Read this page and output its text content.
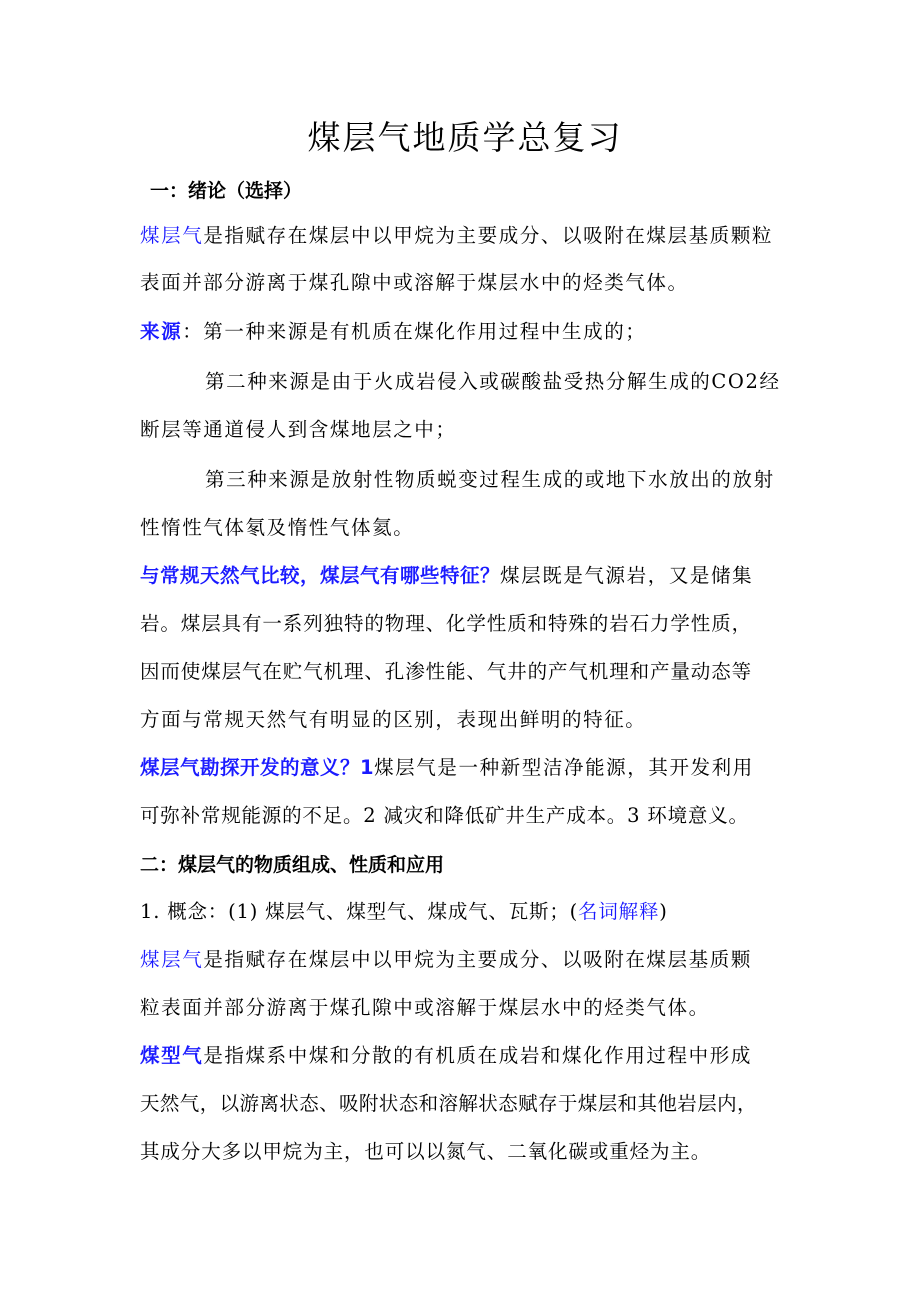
煤层气地质学总复习
一：绪论（选择）
煤层气是指赋存在煤层中以甲烷为主要成分、以吸附在煤层基质颗粒
表面并部分游离于煤孔隙中或溶解于煤层水中的烃类气体。
来源：第一种来源是有机质在煤化作用过程中生成的；
第二种来源是由于火成岩侵入或碳酸盐受热分解生成的CO2经
断层等通道侵人到含煤地层之中；
第三种来源是放射性物质蜕变过程生成的或地下水放出的放射
性惰性气体氡及惰性气体氦。
与常规天然气比较，煤层气有哪些特征？煤层既是气源岩，又是储集
岩。煤层具有一系列独特的物理、化学性质和特殊的岩石力学性质，
因而使煤层气在贮气机理、孔渗性能、气井的产气机理和产量动态等
方面与常规天然气有明显的区别，表现出鲜明的特征。
煤层气勘探开发的意义？1煤层气是一种新型洁净能源，其开发利用
可弥补常规能源的不足。2 减灾和降低矿井生产成本。3 环境意义。
二：煤层气的物质组成、性质和应用
1. 概念：(1) 煤层气、煤型气、煤成气、瓦斯；(名词解释)
煤层气是指赋存在煤层中以甲烷为主要成分、以吸附在煤层基质颗
粒表面并部分游离于煤孔隙中或溶解于煤层水中的烃类气体。
煤型气是指煤系中煤和分散的有机质在成岩和煤化作用过程中形成
天然气，以游离状态、吸附状态和溶解状态赋存于煤层和其他岩层内，
其成分大多以甲烷为主，也可以以氮气、二氧化碳或重烃为主。
